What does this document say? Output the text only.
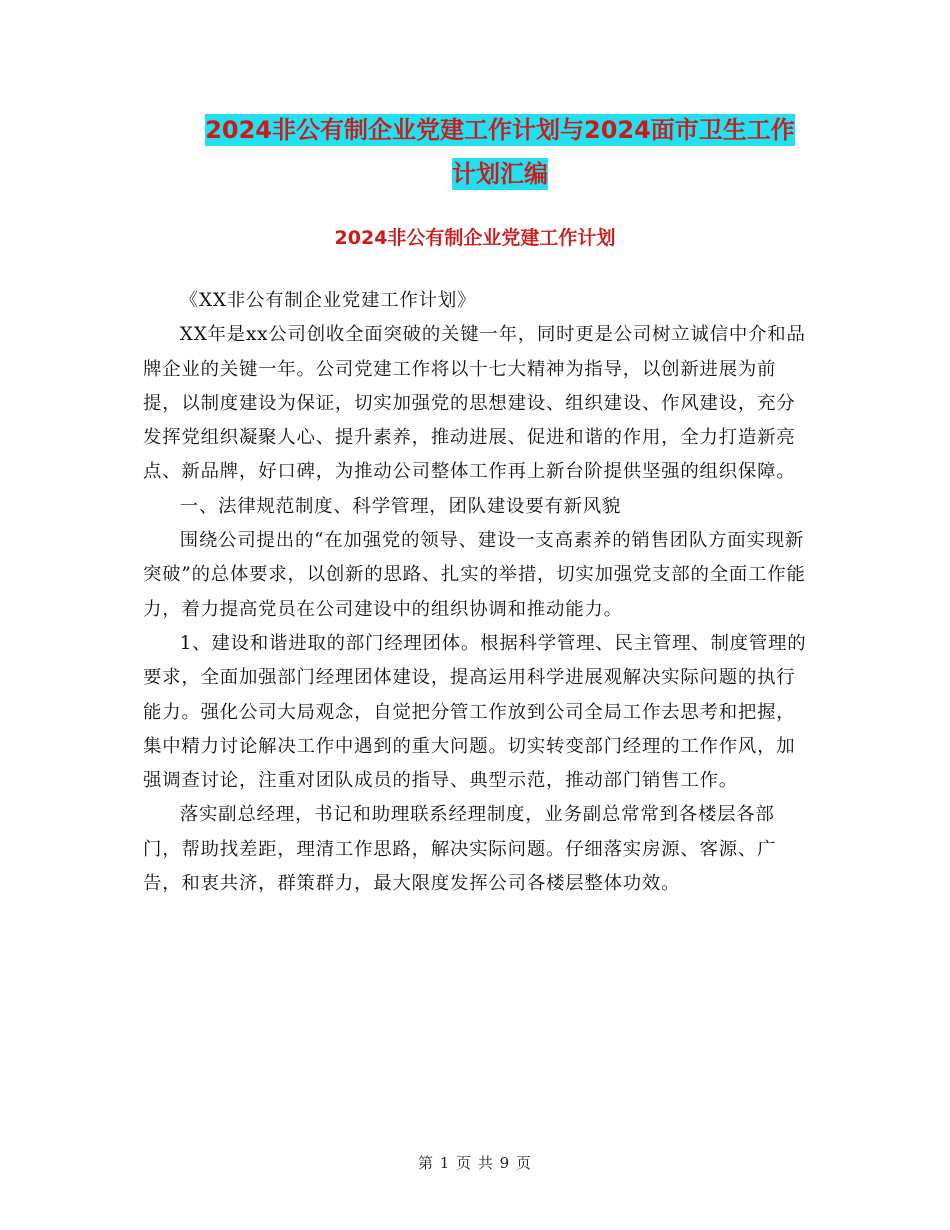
2024非公有制企业党建工作计划与2024面市卫生工作
计划汇编
2024非公有制企业党建工作计划

《XX非公有制企业党建工作计划》

XX年是xx公司创收全面突破的关键一年，同时更是公司树立诚信中介和品牌企业的关键一年。公司党建工作将以十七大精神为指导，以创新进展为前提，以制度建设为保证，切实加强党的思想建设、组织建设、作风建设，充分发挥党组织凝聚人心、提升素养，推动进展、促进和谐的作用，全力打造新亮点、新品牌，好口碑，为推动公司整体工作再上新台阶提供坚强的组织保障。

一、法律规范制度、科学管理，团队建设要有新风貌

围绕公司提出的“在加强党的领导、建设一支高素养的销售团队方面实现新突破”的总体要求，以创新的思路、扎实的举措，切实加强党支部的全面工作能力，着力提高党员在公司建设中的组织协调和推动能力。

1、建设和谐进取的部门经理团体。根据科学管理、民主管理、制度管理的要求，全面加强部门经理团体建设，提高运用科学进展观解决实际问题的执行能力。强化公司大局观念，自觉把分管工作放到公司全局工作去思考和把握，集中精力讨论解决工作中遇到的重大问题。切实转变部门经理的工作作风，加强调查讨论，注重对团队成员的指导、典型示范，推动部门销售工作。

落实副总经理，书记和助理联系经理制度，业务副总常常到各楼层各部门，帮助找差距，理清工作思路，解决实际问题。仔细落实房源、客源、广告，和衷共济，群策群力，最大限度发挥公司各楼层整体功效。

第 1 页 共 9 页
